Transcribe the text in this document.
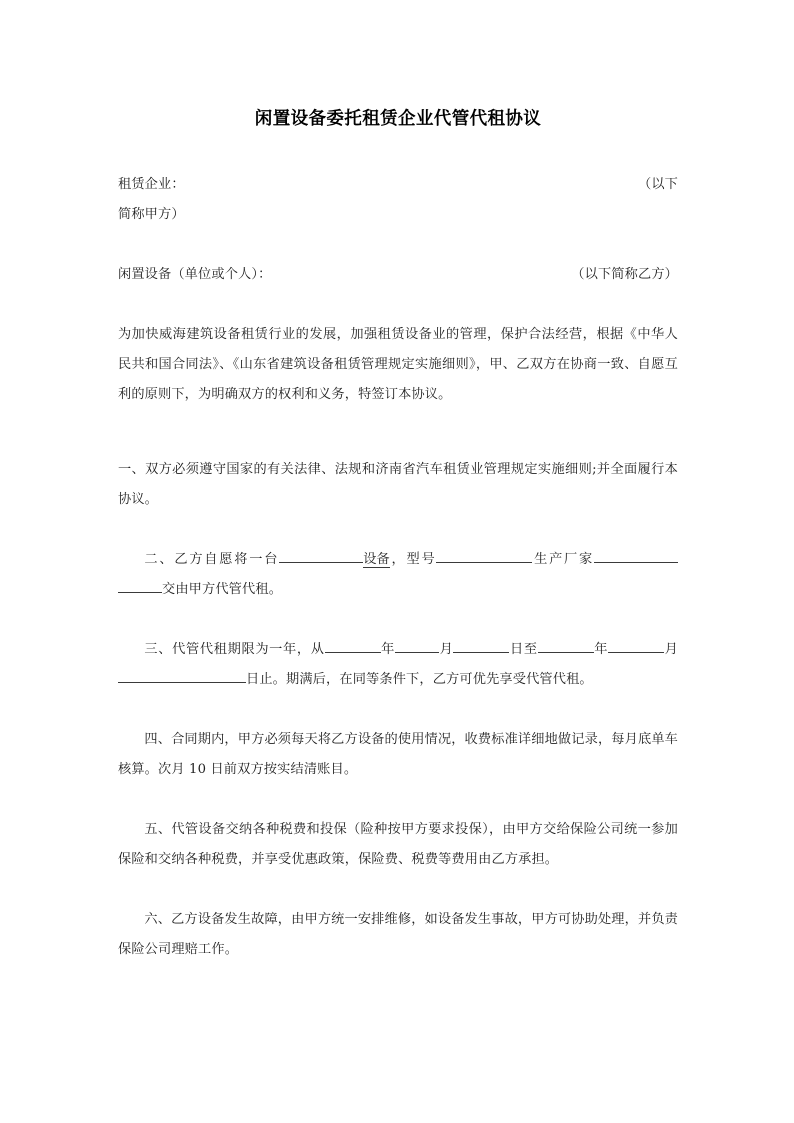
闲置设备委托租赁企业代管代租协议
租赁企业：	（以下
简称甲方）
闲置设备（单位或个人）：	（以下简称乙方）

为加快威海建筑设备租赁行业的发展，加强租赁设备业的管理，保护合法经营，根据《中华人民共和国合同法》、《山东省建筑设备租赁管理规定实施细则》，甲、乙双方在协商一致、自愿互利的原则下，为明确双方的权利和义务，特签订本协议。

一、双方必须遵守国家的有关法律、法规和济南省汽车租赁业管理规定实施细则;并全面履行本协议。

二、乙方自愿将一台	设备，型号	生产厂家交由甲方代管代租。

三、代管代租期限为一年，从	年	月	日至	年	月日止。期满后，在同等条件下，乙方可优先享受代管代租。

四、合同期内，甲方必须每天将乙方设备的使用情况，收费标准详细地做记录，每月底单车核算。次月 10 日前双方按实结清账目。

五、代管设备交纳各种税费和投保（险种按甲方要求投保），由甲方交给保险公司统一参加保险和交纳各种税费，并享受优惠政策，保险费、税费等费用由乙方承担。

六、乙方设备发生故障，由甲方统一安排维修，如设备发生事故，甲方可协助处理，并负责保险公司理赔工作。
